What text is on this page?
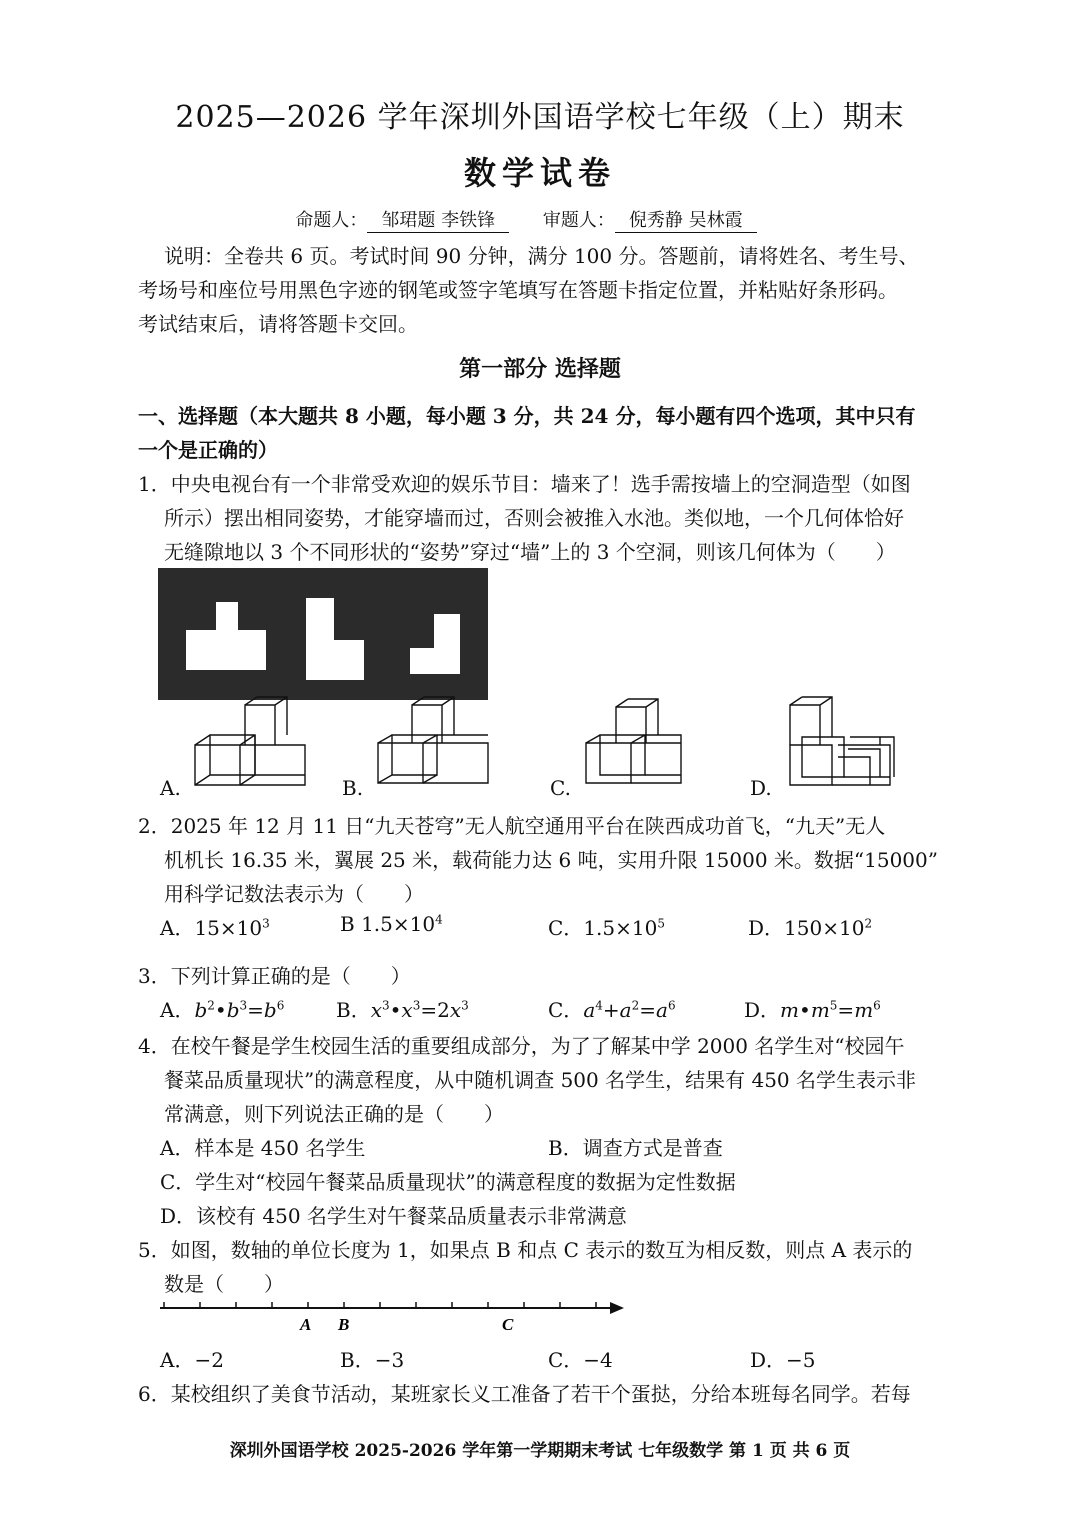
2025—2026 学年深圳外国语学校七年级（上）期末
数学试卷
命题人： 邹珺题 李铁锋	审题人： 倪秀静 吴林霞
说明：全卷共 6 页。考试时间 90 分钟，满分 100 分。答题前，请将姓名、考生号、
考场号和座位号用黑色字迹的钢笔或签字笔填写在答题卡指定位置，并粘贴好条形码。
考试结束后，请将答题卡交回。
第一部分 选择题
一、选择题（本大题共 8 小题，每小题 3 分，共 24 分，每小题有四个选项，其中只有
一个是正确的）
1．中央电视台有一个非常受欢迎的娱乐节目：墙来了！选手需按墙上的空洞造型（如图
所示）摆出相同姿势，才能穿墙而过，否则会被推入水池。类似地，一个几何体恰好
无缝隙地以 3 个不同形状的“姿势”穿过“墙”上的 3 个空洞，则该几何体为（　　）
A.	B.	C.	D.
2．2025 年 12 月 11 日“九天苍穹”无人航空通用平台在陕西成功首飞，“九天”无人
机机长 16.35 米，翼展 25 米，载荷能力达 6 吨，实用升限 15000 米。数据“15000”
用科学记数法表示为（　　）
A．$15\times 10^3$	B $1.5\times 10^4$	C．$1.5\times 10^5$	D．$150\times 10^2$
3．下列计算正确的是（　　）
A．$b^2•b^3=b^6$	B．$x^3•x^3=2x^3$	C．$a^4+a^2=a^6$	D．$m•m^5=m^6$
4．在校午餐是学生校园生活的重要组成部分，为了了解某中学 2000 名学生对“校园午
餐菜品质量现状”的满意程度，从中随机调查 500 名学生，结果有 450 名学生表示非
常满意，则下列说法正确的是（　　）
A．样本是 450 名学生	B．调查方式是普查
C．学生对“校园午餐菜品质量现状”的满意程度的数据为定性数据
D．该校有 450 名学生对午餐菜品质量表示非常满意
5．如图，数轴的单位长度为 1，如果点 B 和点 C 表示的数互为相反数，则点 A 表示的
数是（　　）
A B	C
A．−2	B．−3	C．−4	D．−5
6．某校组织了美食节活动，某班家长义工准备了若干个蛋挞，分给本班每名同学。若每
深圳外国语学校 2025-2026 学年第一学期期末考试 七年级数学 第 1 页 共 6 页
